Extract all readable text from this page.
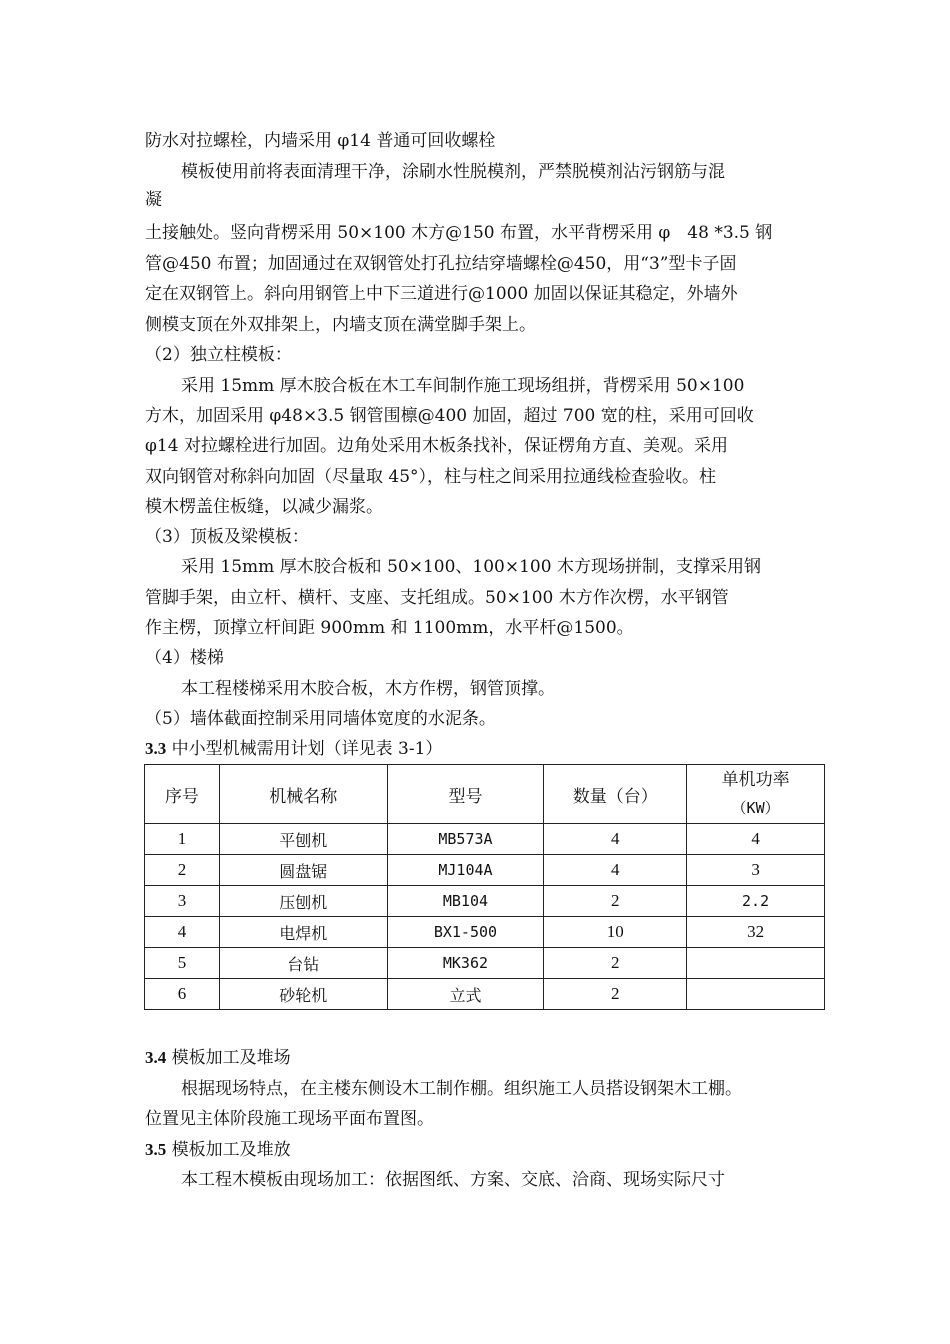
防水对拉螺栓，内墙采用 φ14 普通可回收螺栓
模板使用前将表面清理干净，涂刷水性脱模剂，严禁脱模剂沾污钢筋与混
凝
土接触处。竖向背楞采用 50×100 木方@150 布置，水平背楞采用 φ　48 *3.5 钢
管@450 布置；加固通过在双钢管处打孔拉结穿墙螺栓@450，用“3”型卡子固
定在双钢管上。斜向用钢管上中下三道进行@1000 加固以保证其稳定，外墙外
侧模支顶在外双排架上，内墙支顶在满堂脚手架上。
（2）独立柱模板：
采用 15mm 厚木胶合板在木工车间制作施工现场组拼，背楞采用 50×100
方木，加固采用 φ48×3.5 钢管围檩@400 加固，超过 700 宽的柱，采用可回收
φ14 对拉螺栓进行加固。边角处采用木板条找补，保证楞角方直、美观。采用
双向钢管对称斜向加固（尽量取 45°），柱与柱之间采用拉通线检查验收。柱
模木楞盖住板缝，以减少漏浆。
（3）顶板及梁模板：
采用 15mm 厚木胶合板和 50×100、100×100 木方现场拼制，支撑采用钢
管脚手架，由立杆、横杆、支座、支托组成。50×100 木方作次楞，水平钢管
作主楞，顶撑立杆间距 900mm 和 1100mm，水平杆@1500。
（4）楼梯
本工程楼梯采用木胶合板，木方作楞，钢管顶撑。
（5）墙体截面控制采用同墙体宽度的水泥条。
3.3 中小型机械需用计划（详见表 3-1）
序号	机械名称	型号	数量（台）	单机功率
（KW）

1	平刨机	MB573A	4	4
2	圆盘锯	MJ104A	4	3
3	压刨机	MB104	2	2.2
4	电焊机	BX1-500	10	32
5	台钻	MK362	2	
6	砂轮机	立式	2	
3.4 模板加工及堆场
根据现场特点，在主楼东侧设木工制作棚。组织施工人员搭设钢架木工棚。
位置见主体阶段施工现场平面布置图。
3.5 模板加工及堆放
本工程木模板由现场加工：依据图纸、方案、交底、洽商、现场实际尺寸
